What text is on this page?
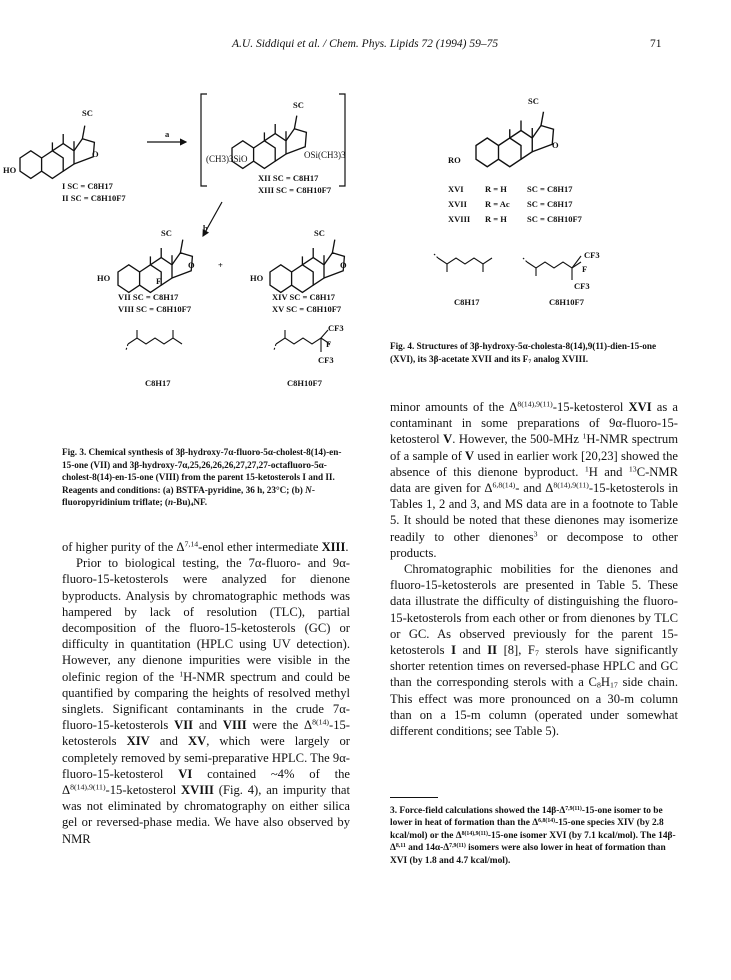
A.U. Siddiqui et al. / Chem. Phys. Lipids 72 (1994) 59–75	71
SC
O
HO
I SC = C8H17
II SC = C8H10F7
a
SC
OSi(CH3)3
(CH3)3SiO
XII SC = C8H17
XIII SC = C8H10F7
b
SC
O
HO	F
VII SC = C8H17
VIII SC = C8H10F7
+
SC
O
HO
XIV SC = C8H17
XV SC = C8H10F7
C8H17
CF3
F
CF3
C8H10F7
SC
O
RO
XVI	R = H SC = C8H17
XVII R = Ac SC = C8H17
XVIII R = H SC = C8H10F7
C8H17
CF3
F
CF3
C8H10F7
Fig. 3. Chemical synthesis of 3β-hydroxy-7α-fluoro-5α-cholest-8(14)-en-15-one (VII) and 3β-hydroxy-7α,25,26,26,26,27,27,27-octafluoro-5α-cholest-8(14)-en-15-one (VIII) from the parent 15-ketosterols I and II. Reagents and conditions: (a) BSTFA-pyridine, 36 h, 23°C; (b) N-fluoropyridinium triflate; $(n-Bu)_4NF$.
Fig. 4. Structures of 3β-hydroxy-5α-cholesta-8(14),9(11)-dien-15-one (XVI), its 3β-acetate XVII and its $F_7$ analog XVIII.

of higher purity of the Δ$^{7,14}$-enol ether intermediate XIII.

Prior to biological testing, the 7α-fluoro- and 9α-fluoro-15-ketosterols were analyzed for dienone byproducts. Analysis by chromatographic methods was hampered by lack of resolution (TLC), partial decomposition of the fluoro-15-ketosterols (GC) or difficulty in quantitation (HPLC using UV detection). However, any dienone impurities were visible in the olefinic region of the $^1$H-NMR spectrum and could be quantified by comparing the heights of resolved methyl singlets. Significant contaminants in the crude 7α-fluoro-15-ketosterols VII and VIII were the $\Delta^{8(14)}-15$-ketosterols XIV and XV, which were largely or completely removed by semi-preparative HPLC. The 9α-fluoro-15-ketosterol VI contained ~4% of the $\Delta^{8(14),9(11)}-15$-ketosterol XVIII (Fig. 4), an impurity that was not eliminated by chromatography on either silica gel or reversed-phase media. We have also observed by NMR

minor amounts of the $\Delta^{8(14),9(11)}-15$-ketosterol XVI as a contaminant in some preparations of 9α-fluoro-15-ketosterol V. However, the 500-MHz $^1$H-NMR spectrum of a sample of V used in earlier work [20,23] showed the absence of this dienone byproduct. $^1$H and $^{13}$C-NMR data are given for $\Delta^{6,8(14)}-$ and $\Delta^{8(14),9(11)}-15$-ketosterols in Tables 1, 2 and 3, and MS data are in a footnote to Table 5. It should be noted that these dienones may isomerize readily to other dienones$^3$ or decompose to other products.

Chromatographic mobilities for the dienones and fluoro-15-ketosterols are presented in Table 5. These data illustrate the difficulty of distinguishing the fluoro-15-ketosterols from each other or from dienones by TLC or GC. As observed previously for the parent 15-ketosterols I and II [8], $F_7$ sterols have significantly shorter retention times on reversed-phase HPLC and GC than the corresponding sterols with a $C_8H_{17}$ side chain. This effect was more pronounced on a 30-m column than on a 15-m column (operated under somewhat different conditions; see Table 5).

3. Force-field calculations showed the $14\beta-\Delta^{7,9(11)}-15$-one isomer to be lower in heat of formation than the $\Delta^{6,8(14)}-15$-one species XIV (by 2.8 kcal/mol) or the $\Delta^{8(14),9(11)}-15$-one isomer XVI (by 7.1 kcal/mol). The $14\beta-\Delta^{8,11}$ and $14\alpha-\Delta^{7,9(11)}$ isomers were also lower in heat of formation than XVI (by 1.8 and 4.7 kcal/mol).
